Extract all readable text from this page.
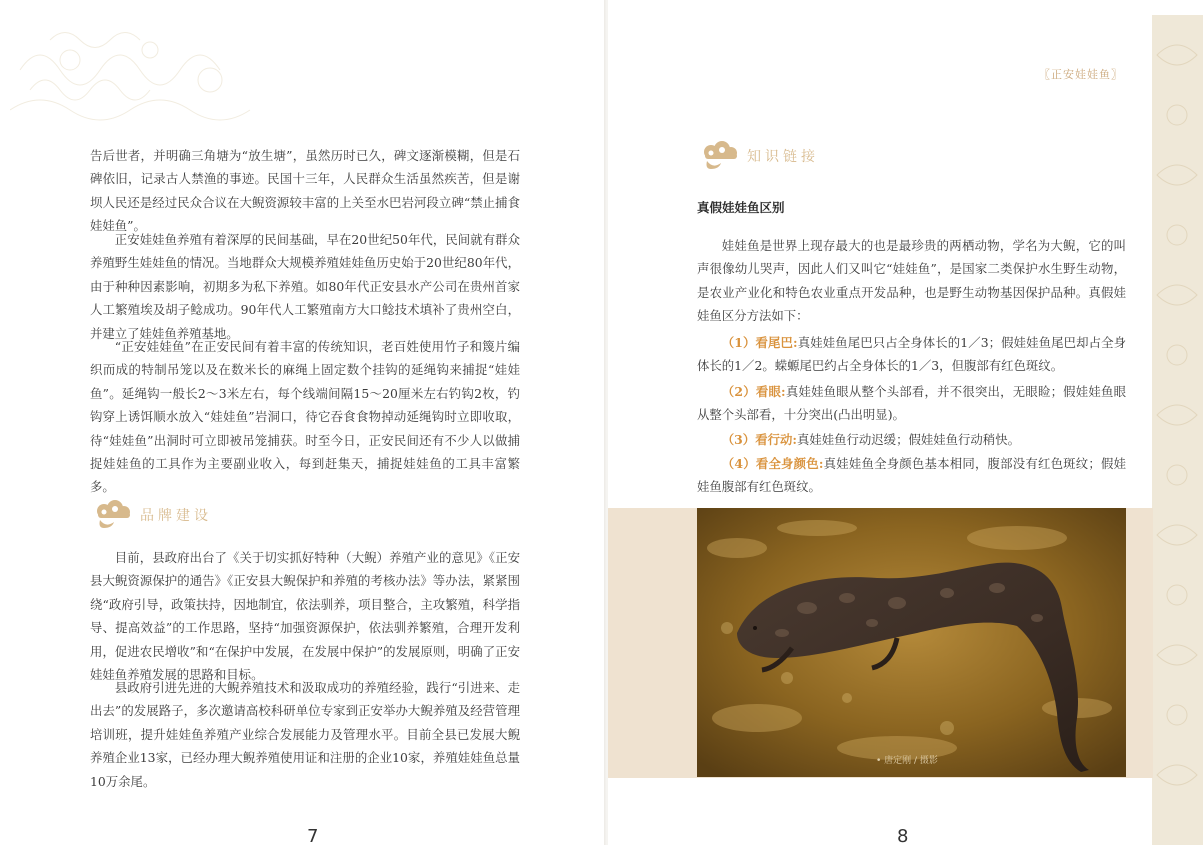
告后世者，并明确三角塘为“放生塘”，虽然历时已久，碑文逐渐模糊，但是石碑依旧，记录古人禁渔的事迹。民国十三年，人民群众生活虽然疾苦，但是谢坝人民还是经过民众合议在大鲵资源较丰富的上关至水巴岩河段立碑“禁止捕食娃娃鱼”。

正安娃娃鱼养殖有着深厚的民间基础，早在20世纪50年代，民间就有群众养殖野生娃娃鱼的情况。当地群众大规模养殖娃娃鱼历史始于20世纪80年代，由于种种因素影响，初期多为私下养殖。如80年代正安县水产公司在贵州首家人工繁殖埃及胡子鲶成功。90年代人工繁殖南方大口鲶技术填补了贵州空白，并建立了娃娃鱼养殖基地。

“正安娃娃鱼”在正安民间有着丰富的传统知识，老百姓使用竹子和篾片编织而成的特制吊笼以及在数米长的麻绳上固定数个挂钩的延绳钩来捕捉“娃娃鱼”。延绳钩一般长2～3米左右，每个线端间隔15～20厘米左右钓钩2枚，钓钩穿上诱饵顺水放入“娃娃鱼”岩洞口，待它吞食食物掉动延绳钩时立即收取，待“娃娃鱼”出洞时可立即被吊笼捕获。时至今日，正安民间还有不少人以做捕捉娃娃鱼的工具作为主要副业收入，每到赶集天，捕捉娃娃鱼的工具丰富繁多。

品牌建设

目前，县政府出台了《关于切实抓好特种（大鲵）养殖产业的意见》《正安县大鲵资源保护的通告》《正安县大鲵保护和养殖的考核办法》等办法，紧紧围绕“政府引导，政策扶持，因地制宜，依法驯养，项目整合，主攻繁殖，科学指导、提高效益”的工作思路，坚持“加强资源保护，依法驯养繁殖，合理开发利用，促进农民增收”和“在保护中发展，在发展中保护”的发展原则，明确了正安娃娃鱼养殖发展的思路和目标。

县政府引进先进的大鲵养殖技术和汲取成功的养殖经验，践行“引进来、走出去”的发展路子，多次邀请高校科研单位专家到正安举办大鲵养殖及经营管理培训班，提升娃娃鱼养殖产业综合发展能力及管理水平。目前全县已发展大鲵养殖企业13家，已经办理大鲵养殖使用证和注册的企业10家，养殖娃娃鱼总量10万余尾。

7
〖正安娃娃鱼〗
知识链接

真假娃娃鱼区别

娃娃鱼是世界上现存最大的也是最珍贵的两栖动物，学名为大鲵，它的叫声很像幼儿哭声，因此人们又叫它“娃娃鱼”，是国家二类保护水生野生动物，是农业产业化和特色农业重点开发品种，也是野生动物基因保护品种。真假娃娃鱼区分方法如下：

（1）看尾巴:真娃娃鱼尾巴只占全身体长的1／3；假娃娃鱼尾巴却占全身体长的1／2。蝾螈尾巴约占全身体长的1／3，但腹部有红色斑纹。

（2）看眼:真娃娃鱼眼从整个头部看，并不很突出，无眼睑；假娃娃鱼眼从整个头部看，十分突出(凸出明显)。

（3）看行动:真娃娃鱼行动迟缓；假娃娃鱼行动稍快。

（4）看全身颜色:真娃娃鱼全身颜色基本相同，腹部没有红色斑纹；假娃娃鱼腹部有红色斑纹。

• 唐定刚 / 摄影
8
